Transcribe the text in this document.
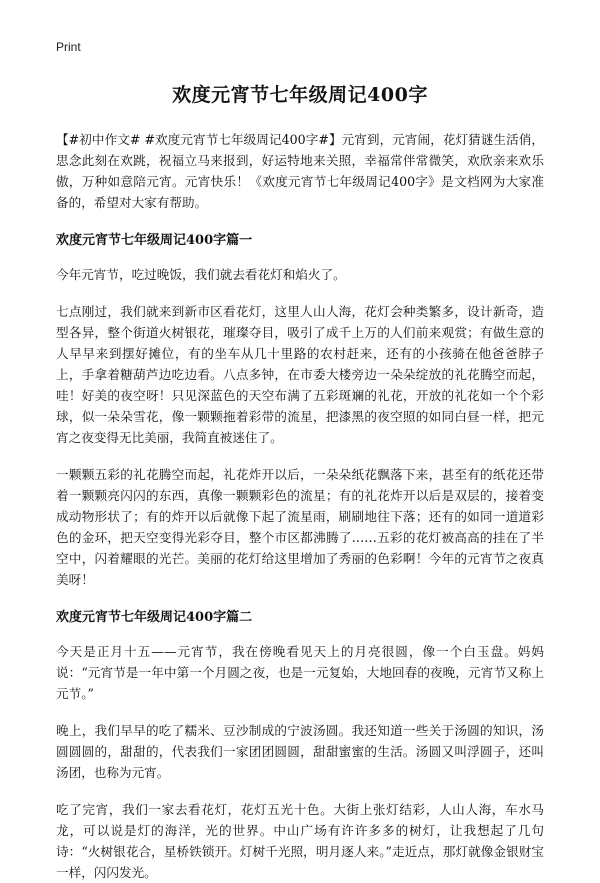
Print
欢度元宵节七年级周记400字

【#初中作文# #欢度元宵节七年级周记400字#】元宵到，元宵闹，花灯猜谜生活俏，思念此刻在欢跳，祝福立马来报到，好运特地来关照，幸福常伴常微笑，欢欣亲来欢乐傲，万种如意陪元宵。元宵快乐！《欢度元宵节七年级周记400字》是文档网为大家准备的，希望对大家有帮助。

欢度元宵节七年级周记400字篇一

今年元宵节，吃过晚饭，我们就去看花灯和焰火了。

七点刚过，我们就来到新市区看花灯，这里人山人海，花灯会种类繁多，设计新奇，造型各异，整个街道火树银花，璀璨夺目，吸引了成千上万的人们前来观赏；有做生意的人早早来到摆好摊位，有的坐车从几十里路的农村赶来，还有的小孩骑在他爸爸脖子上，手拿着糖葫芦边吃边看。八点多钟，在市委大楼旁边一朵朵绽放的礼花腾空而起，哇！好美的夜空呀！只见深蓝色的天空布满了五彩斑斓的礼花，开放的礼花如一个个彩球，似一朵朵雪花，像一颗颗拖着彩带的流星，把漆黑的夜空照的如同白昼一样，把元宵之夜变得无比美丽，我简直被迷住了。

一颗颗五彩的礼花腾空而起，礼花炸开以后，一朵朵纸花飘落下来，甚至有的纸花还带着一颗颗亮闪闪的东西，真像一颗颗彩色的流星；有的礼花炸开以后是双层的，接着变成动物形状了；有的炸开以后就像下起了流星雨，刷刷地往下落；还有的如同一道道彩色的金环，把天空变得光彩夺目，整个市区都沸腾了……五彩的花灯被高高的挂在了半空中，闪着耀眼的光芒。美丽的花灯给这里增加了秀丽的色彩啊！今年的元宵节之夜真美呀！

欢度元宵节七年级周记400字篇二

今天是正月十五——元宵节，我在傍晚看见天上的月亮很圆，像一个白玉盘。妈妈说：“元宵节是一年中第一个月圆之夜，也是一元复始，大地回春的夜晚，元宵节又称上元节。”

晚上，我们早早的吃了糯米、豆沙制成的宁波汤圆。我还知道一些关于汤圆的知识，汤圆圆圆的，甜甜的，代表我们一家团团圆圆，甜甜蜜蜜的生活。汤圆又叫浮圆子，还叫汤团，也称为元宵。

吃了完宵，我们一家去看花灯，花灯五光十色。大街上张灯结彩，人山人海，车水马龙，可以说是灯的海洋，光的世界。中山广场有许许多多的树灯，让我想起了几句诗：“火树银花合，星桥铁锁开。灯树千光照，明月逐人来。”走近点，那灯就像金银财宝一样，闪闪发光。
